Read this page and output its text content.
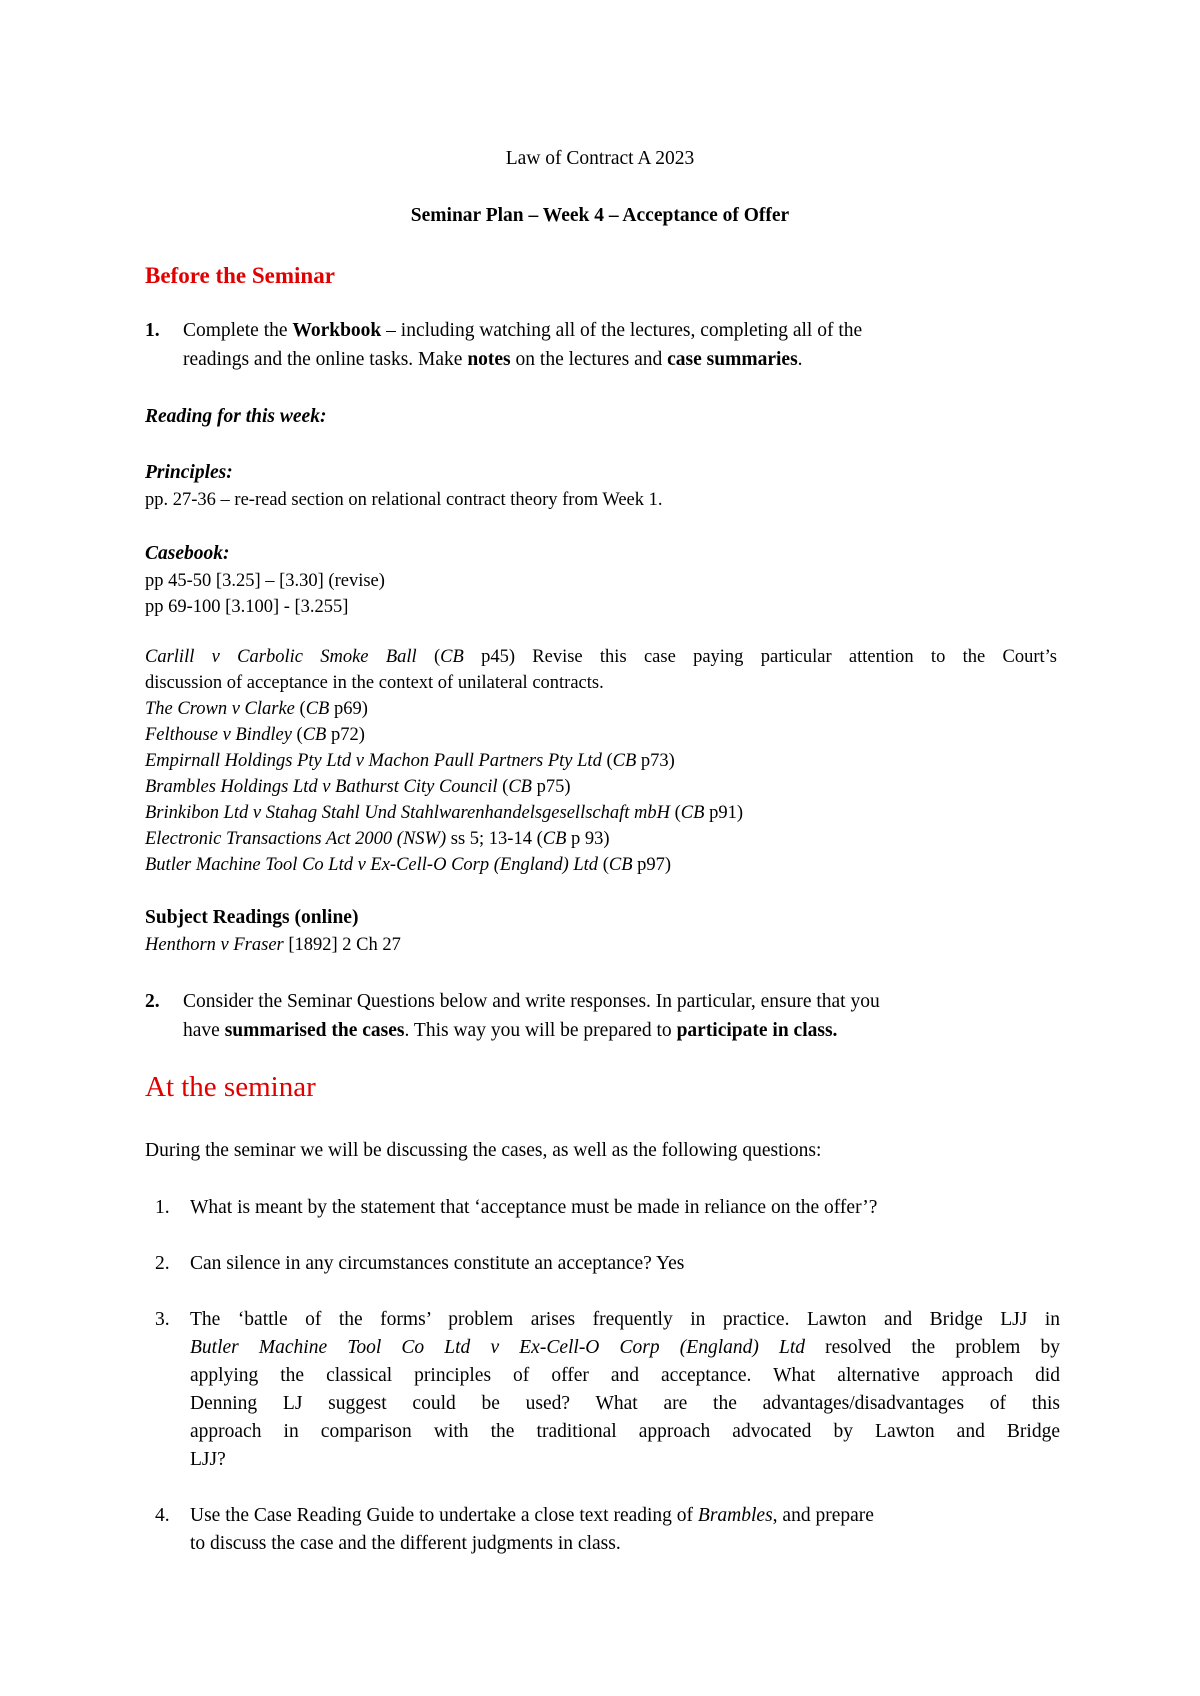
Law of Contract A 2023
Seminar Plan – Week 4 – Acceptance of Offer
Before the Seminar
1. Complete the Workbook – including watching all of the lectures, completing all of the
readings and the online tasks. Make notes on the lectures and case summaries.
Reading for this week:
Principles:
pp. 27-36 – re-read section on relational contract theory from Week 1.
Casebook:
pp 45-50 [3.25] – [3.30] (revise)
pp 69-100 [3.100] - [3.255]
Carlill v Carbolic Smoke Ball (CB p45) Revise this case paying particular attention to the Court’s
discussion of acceptance in the context of unilateral contracts.
The Crown v Clarke (CB p69)
Felthouse v Bindley (CB p72)
Empirnall Holdings Pty Ltd v Machon Paull Partners Pty Ltd (CB p73)
Brambles Holdings Ltd v Bathurst City Council (CB p75)
Brinkibon Ltd v Stahag Stahl Und Stahlwarenhandelsgesellschaft mbH (CB p91)
Electronic Transactions Act 2000 (NSW) ss 5; 13-14 (CB p 93)
Butler Machine Tool Co Ltd v Ex-Cell-O Corp (England) Ltd (CB p97)
Subject Readings (online)
Henthorn v Fraser [1892] 2 Ch 27
2. Consider the Seminar Questions below and write responses. In particular, ensure that you
have summarised the cases. This way you will be prepared to participate in class.
At the seminar
During the seminar we will be discussing the cases, as well as the following questions:
1. What is meant by the statement that ‘acceptance must be made in reliance on the offer’?
2. Can silence in any circumstances constitute an acceptance? Yes
3. The ‘battle of the forms’ problem arises frequently in practice. Lawton and Bridge LJJ in
Butler Machine Tool Co Ltd v Ex-Cell-O Corp (England) Ltd resolved the problem by
applying the classical principles of offer and acceptance. What alternative approach did
Denning LJ suggest could be used? What are the advantages/disadvantages of this
approach in comparison with the traditional approach advocated by Lawton and Bridge
LJJ?
4. Use the Case Reading Guide to undertake a close text reading of Brambles, and prepare
to discuss the case and the different judgments in class.
